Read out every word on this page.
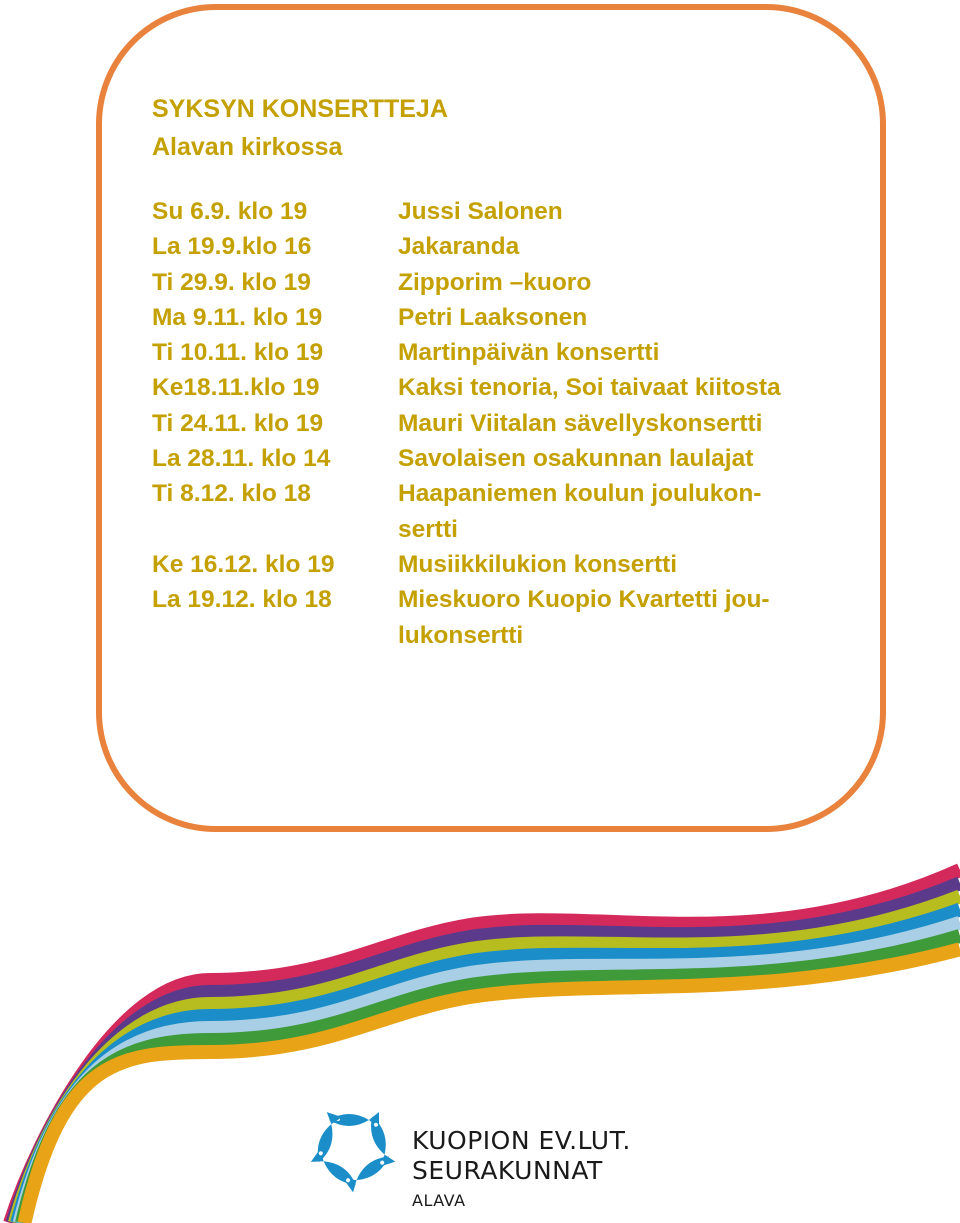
SYKSYN KONSERTTEJA
Alavan kirkossa
Su 6.9. klo 19	Jussi Salonen
La 19.9.klo 16	Jakaranda
Ti 29.9. klo 19	Zipporim –kuoro
Ma 9.11. klo 19	Petri Laaksonen
Ti 10.11. klo 19	Martinpäivän konsertti
Ke18.11.klo 19	Kaksi tenoria, Soi taivaat kiitosta
Ti 24.11. klo 19	Mauri Viitalan sävellyskonsertti
La 28.11. klo 14	Savolaisen osakunnan laulajat
Ti 8.12. klo 18	Haapaniemen koulun joulukon-
sertti
Ke 16.12. klo 19	Musiikkilukion konsertti
La 19.12. klo 18	Mieskuoro Kuopio Kvartetti jou-
lukonsertti
KUOPION EV.LUT.
SEURAKUNNAT
ALAVA
